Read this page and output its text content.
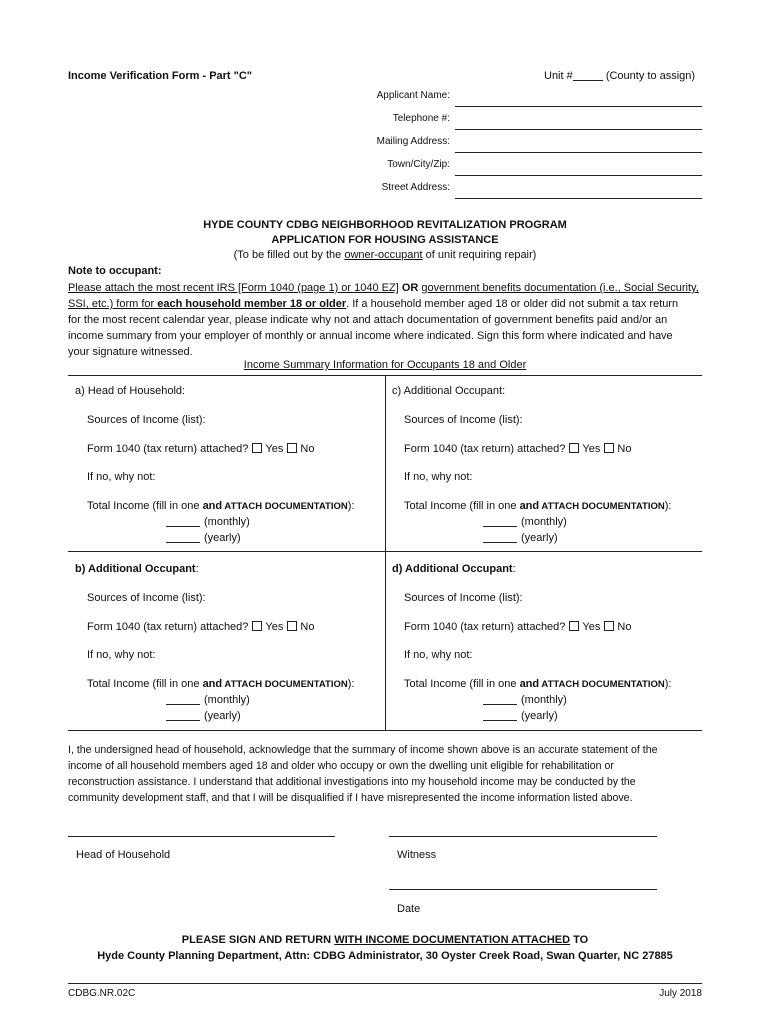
Income Verification Form - Part "C"	Unit #	(County to assign)
Applicant Name:
Telephone #:
Mailing Address:
Town/City/Zip:
Street Address:
HYDE COUNTY CDBG NEIGHBORHOOD REVITALIZATION PROGRAM
APPLICATION FOR HOUSING ASSISTANCE
(To be filled out by the owner-occupant of unit requiring repair)
Note to occupant:
Please attach the most recent IRS [Form 1040 (page 1) or 1040 EZ] OR government benefits documentation (i.e., Social Security,
SSI, etc.) form for each household member 18 or older. If a household member aged 18 or older did not submit a tax return
for the most recent calendar year, please indicate why not and attach documentation of government benefits paid and/or an
income summary from your employer of monthly or annual income where indicated. Sign this form where indicated and have
your signature witnessed.
Income Summary Information for Occupants 18 and Older
a) Head of Household:
Sources of Income (list):
Form 1040 (tax return) attached? Yes No
If no, why not:
Total Income (fill in one and ATTACH DOCUMENTATION):
(monthly)
(yearly)
c) Additional Occupant:
Sources of Income (list):
Form 1040 (tax return) attached? Yes No
If no, why not:
Total Income (fill in one and ATTACH DOCUMENTATION):
(monthly)
(yearly)
b) Additional Occupant:
Sources of Income (list):
Form 1040 (tax return) attached? Yes No
If no, why not:
Total Income (fill in one and ATTACH DOCUMENTATION):
(monthly)
(yearly)
d) Additional Occupant:
Sources of Income (list):
Form 1040 (tax return) attached? Yes No
If no, why not:
Total Income (fill in one and ATTACH DOCUMENTATION):
(monthly)
(yearly)
I, the undersigned head of household, acknowledge that the summary of income shown above is an accurate statement of the
income of all household members aged 18 and older who occupy or own the dwelling unit eligible for rehabilitation or
reconstruction assistance. I understand that additional investigations into my household income may be conducted by the
community development staff, and that I will be disqualified if I have misrepresented the income information listed above.
Head of Household	Witness
Date
PLEASE SIGN AND RETURN WITH INCOME DOCUMENTATION ATTACHED TO
Hyde County Planning Department, Attn: CDBG Administrator, 30 Oyster Creek Road, Swan Quarter, NC 27885
CDBG.NR.02C	July 2018
